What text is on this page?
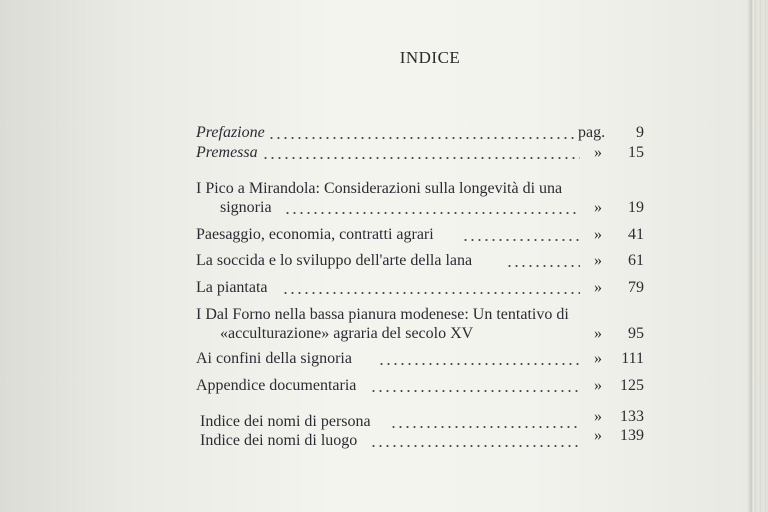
INDICE
Prefazione	pag.	9
Premessa	»	15
I Pico a Mirandola: Considerazioni sulla longevità di una
signoria	»	19
Paesaggio, economia, contratti agrari	»	41
La soccida e lo sviluppo dell'arte della lana	»	61
La piantata	»	79
I Dal Forno nella bassa pianura modenese: Un tentativo di
«acculturazione» agraria del secolo XV	»	95
Ai confini della signoria	»	111
Appendice documentaria	»	125
Indice dei nomi di persona	»	133
Indice dei nomi di luogo	»	139
